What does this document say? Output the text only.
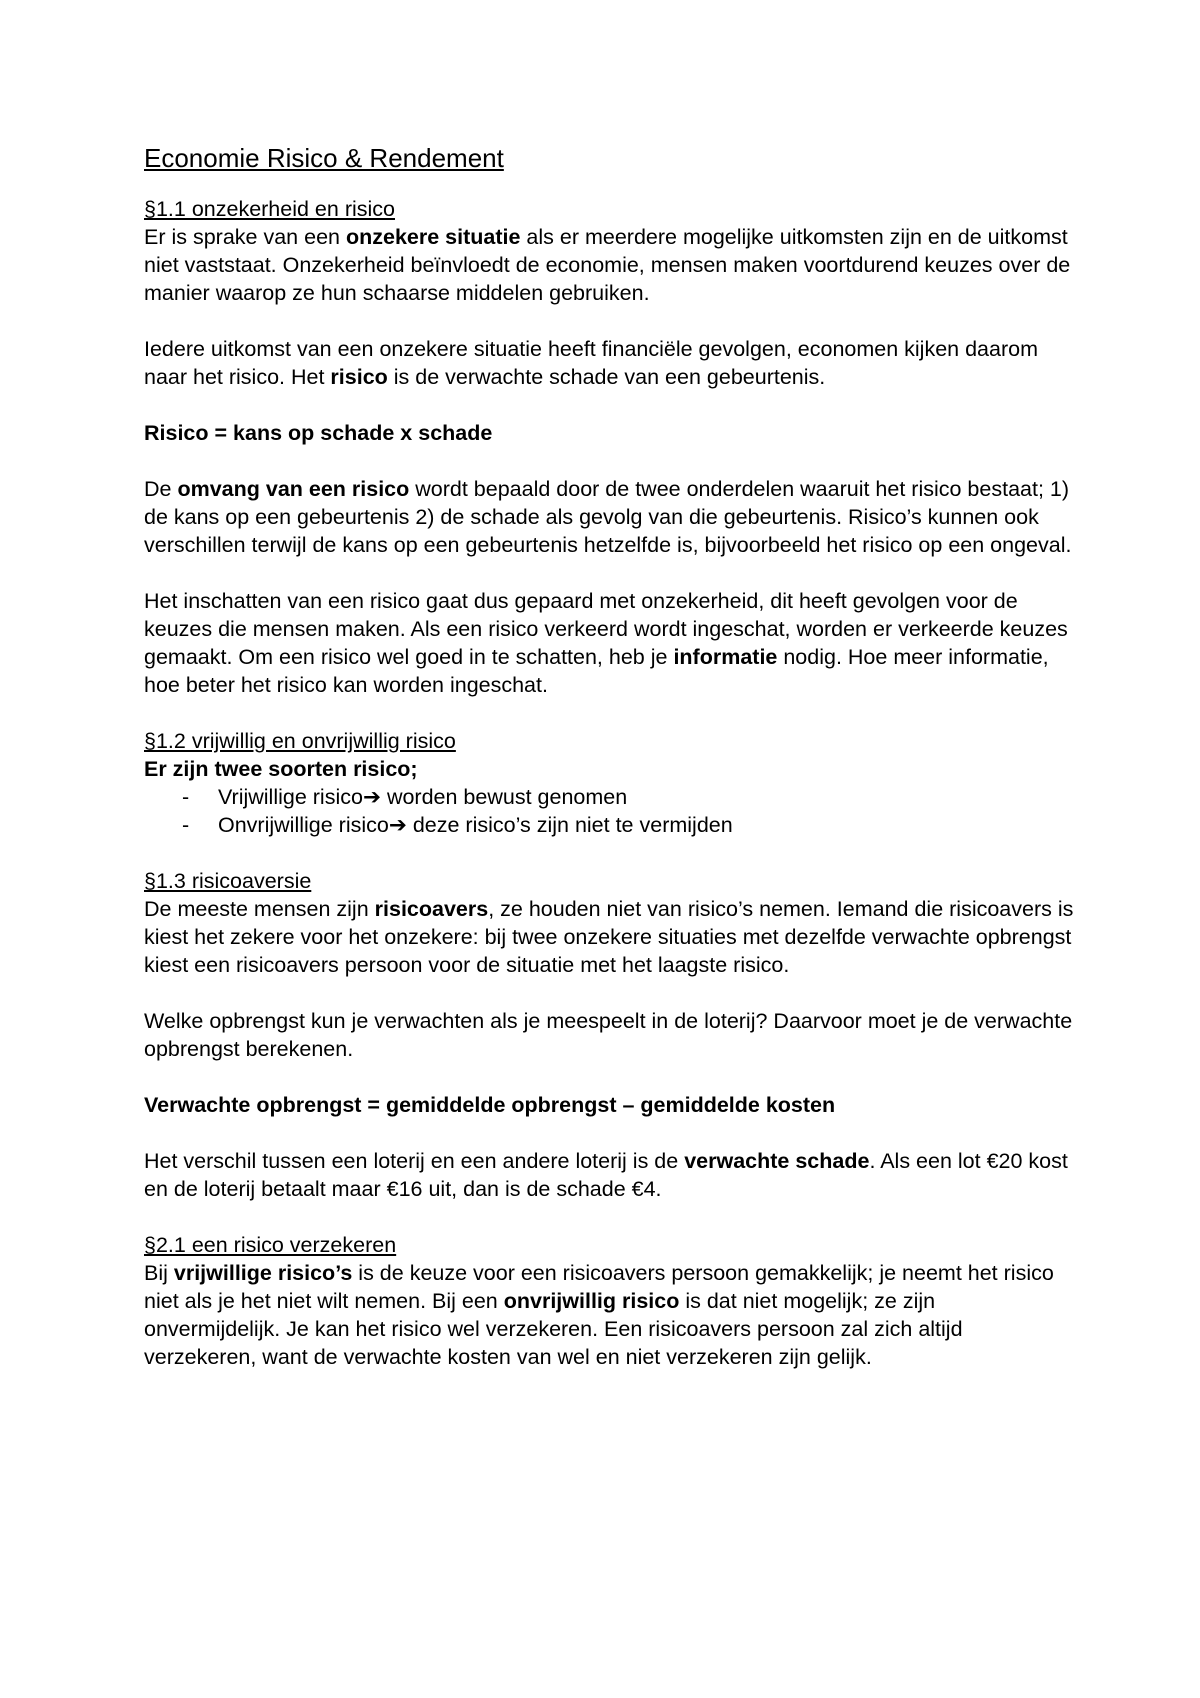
Economie Risico & Rendement
§1.1 onzekerheid en risico

Er is sprake van een onzekere situatie als er meerdere mogelijke uitkomsten zijn en de uitkomst niet vaststaat. Onzekerheid beïnvloedt de economie, mensen maken voortdurend keuzes over de manier waarop ze hun schaarse middelen gebruiken.

Iedere uitkomst van een onzekere situatie heeft financiële gevolgen, economen kijken daarom naar het risico. Het risico is de verwachte schade van een gebeurtenis.

Risico = kans op schade x schade

De omvang van een risico wordt bepaald door de twee onderdelen waaruit het risico bestaat; 1) de kans op een gebeurtenis 2) de schade als gevolg van die gebeurtenis. Risico’s kunnen ook verschillen terwijl de kans op een gebeurtenis hetzelfde is, bijvoorbeeld het risico op een ongeval.

Het inschatten van een risico gaat dus gepaard met onzekerheid, dit heeft gevolgen voor de keuzes die mensen maken. Als een risico verkeerd wordt ingeschat, worden er verkeerde keuzes gemaakt. Om een risico wel goed in te schatten, heb je informatie nodig. Hoe meer informatie, hoe beter het risico kan worden ingeschat.

§1.2 vrijwillig en onvrijwillig risico
Er zijn twee soorten risico;
- Vrijwillige risico➔ worden bewust genomen
- Onvrijwillige risico➔ deze risico’s zijn niet te vermijden
§1.3 risicoaversie

De meeste mensen zijn risicoavers, ze houden niet van risico’s nemen. Iemand die risicoavers is kiest het zekere voor het onzekere: bij twee onzekere situaties met dezelfde verwachte opbrengst kiest een risicoavers persoon voor de situatie met het laagste risico.

Welke opbrengst kun je verwachten als je meespeelt in de loterij? Daarvoor moet je de verwachte opbrengst berekenen.

Verwachte opbrengst = gemiddelde opbrengst – gemiddelde kosten

Het verschil tussen een loterij en een andere loterij is de verwachte schade. Als een lot €20 kost en de loterij betaalt maar €16 uit, dan is de schade €4.

§2.1 een risico verzekeren

Bij vrijwillige risico’s is de keuze voor een risicoavers persoon gemakkelijk; je neemt het risico niet als je het niet wilt nemen. Bij een onvrijwillig risico is dat niet mogelijk; ze zijn onvermijdelijk. Je kan het risico wel verzekeren. Een risicoavers persoon zal zich altijd verzekeren, want de verwachte kosten van wel en niet verzekeren zijn gelijk.
